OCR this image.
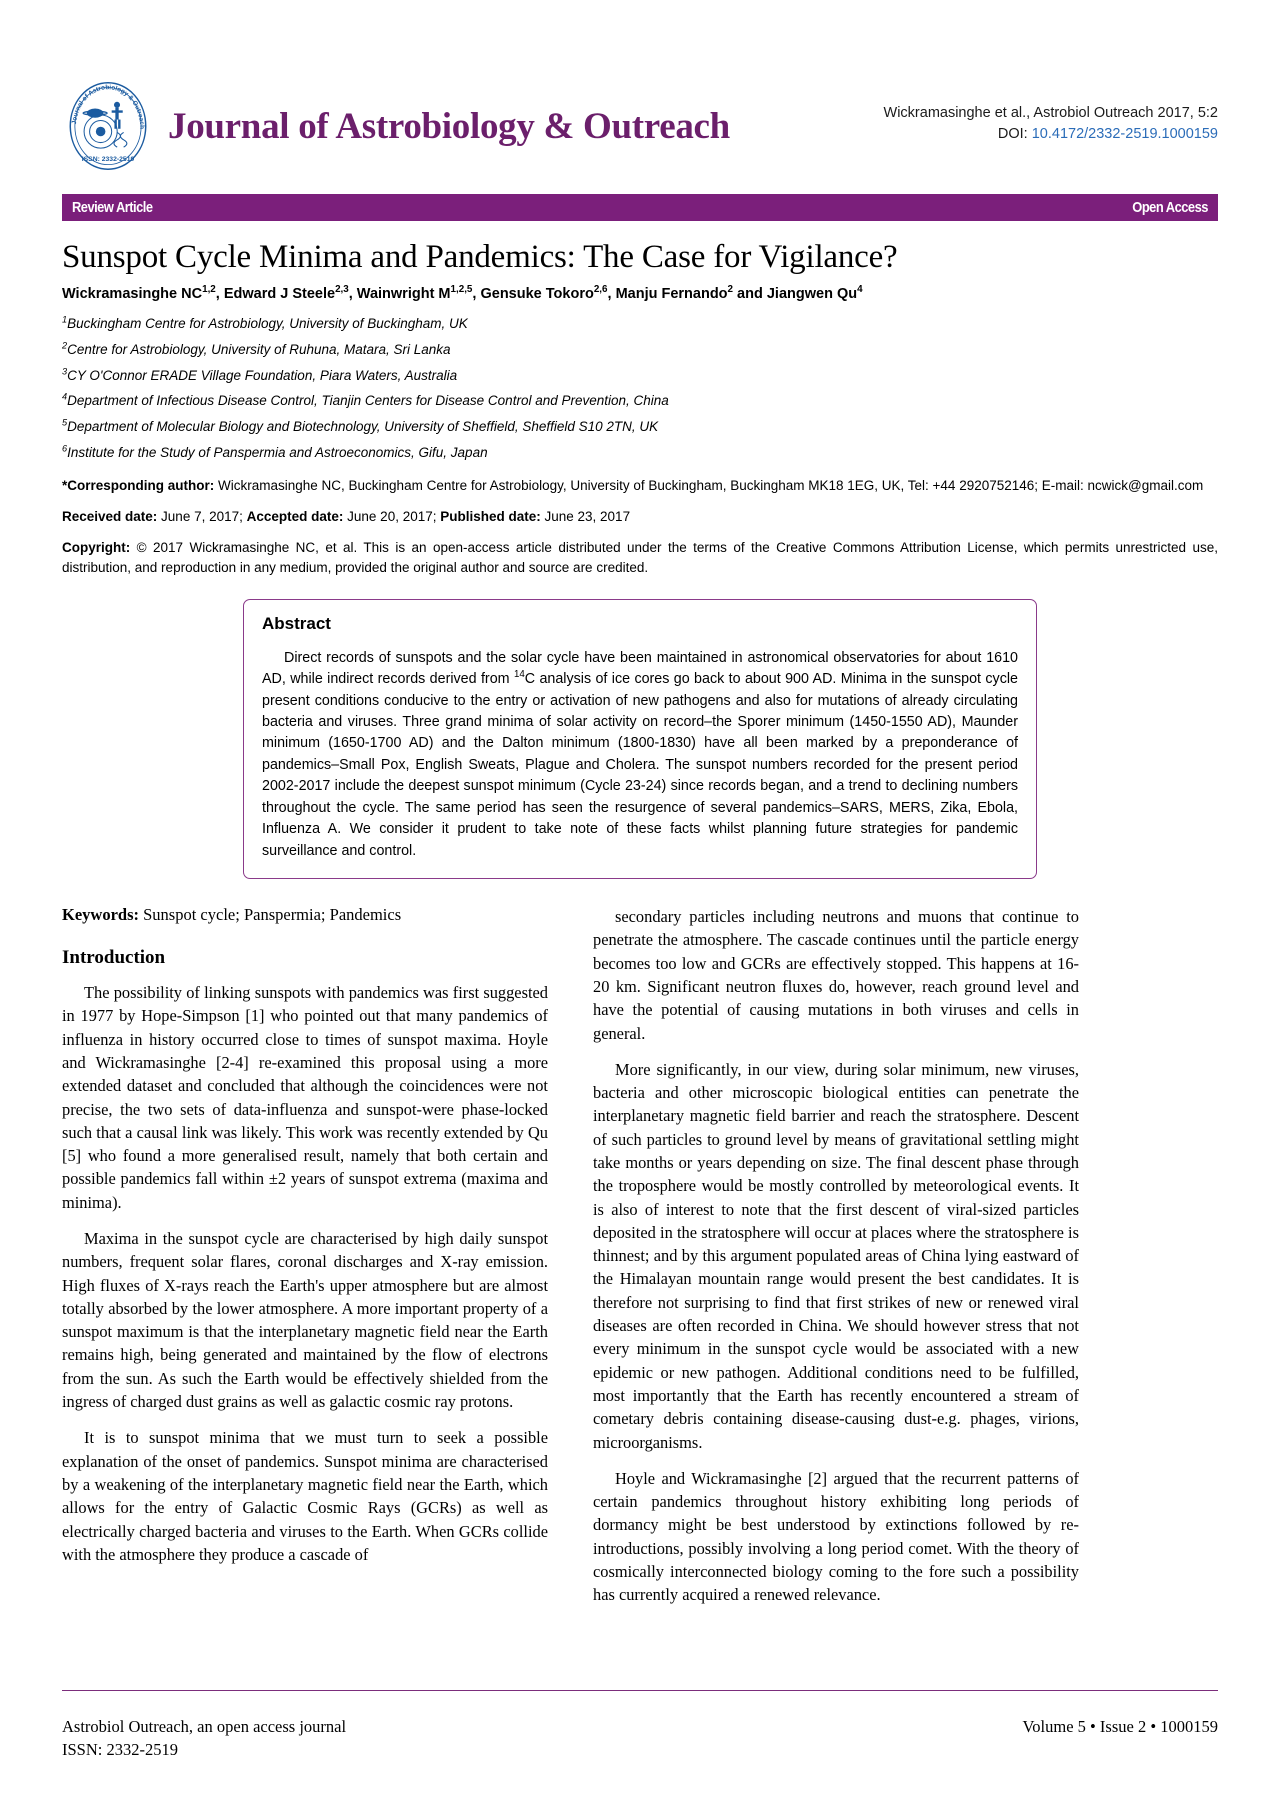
ISSN: 2332-2519
Journal of Astrobiology & Outreach Journal of Astrobiology & Outreach	Wickramasinghe et al., Astrobiol Outreach 2017, 5:2
DOI: 10.4172/2332-2519.1000159
Review Article	Open Access
Sunspot Cycle Minima and Pandemics: The Case for Vigilance?
Wickramasinghe NC$^{1,2}$, Edward J Steele$^{2,3}$, Wainwright M$^{1,2,5}$, Gensuke Tokoro$^{2,6}$, Manju Fernando$^2$ and Jiangwen Qu$^4$

$^1$Buckingham Centre for Astrobiology, University of Buckingham, UK

$^2$Centre for Astrobiology, University of Ruhuna, Matara, Sri Lanka

$^3$CY O'Connor ERADE Village Foundation, Piara Waters, Australia

$^4$Department of Infectious Disease Control, Tianjin Centers for Disease Control and Prevention, China

$^5$Department of Molecular Biology and Biotechnology, University of Sheffield, Sheffield S10 2TN, UK

$^6$Institute for the Study of Panspermia and Astroeconomics, Gifu, Japan

*Corresponding author: Wickramasinghe NC, Buckingham Centre for Astrobiology, University of Buckingham, Buckingham MK18 1EG, UK, Tel: +44 2920752146; E-mail: ncwick@gmail.com

Received date: June 7, 2017; Accepted date: June 20, 2017; Published date: June 23, 2017

Copyright: © 2017 Wickramasinghe NC, et al. This is an open-access article distributed under the terms of the Creative Commons Attribution License, which permits unrestricted use, distribution, and reproduction in any medium, provided the original author and source are credited.

Abstract

Direct records of sunspots and the solar cycle have been maintained in astronomical observatories for about 1610 AD, while indirect records derived from $^{14}$C analysis of ice cores go back to about 900 AD. Minima in the sunspot cycle present conditions conducive to the entry or activation of new pathogens and also for mutations of already circulating bacteria and viruses. Three grand minima of solar activity on record–the Sporer minimum (1450-1550 AD), Maunder minimum (1650-1700 AD) and the Dalton minimum (1800-1830) have all been marked by a preponderance of pandemics–Small Pox, English Sweats, Plague and Cholera. The sunspot numbers recorded for the present period 2002-2017 include the deepest sunspot minimum (Cycle 23-24) since records began, and a trend to declining numbers throughout the cycle. The same period has seen the resurgence of several pandemics–SARS, MERS, Zika, Ebola, Influenza A. We consider it prudent to take note of these facts whilst planning future strategies for pandemic surveillance and control.

Keywords: Sunspot cycle; Panspermia; Pandemics

Introduction

The possibility of linking sunspots with pandemics was first suggested in 1977 by Hope-Simpson [1] who pointed out that many pandemics of influenza in history occurred close to times of sunspot maxima. Hoyle and Wickramasinghe [2-4] re-examined this proposal using a more extended dataset and concluded that although the coincidences were not precise, the two sets of data-influenza and sunspot-were phase-locked such that a causal link was likely. This work was recently extended by Qu [5] who found a more generalised result, namely that both certain and possible pandemics fall within ±2 years of sunspot extrema (maxima and minima).

Maxima in the sunspot cycle are characterised by high daily sunspot numbers, frequent solar flares, coronal discharges and X-ray emission. High fluxes of X-rays reach the Earth's upper atmosphere but are almost totally absorbed by the lower atmosphere. A more important property of a sunspot maximum is that the interplanetary magnetic field near the Earth remains high, being generated and maintained by the flow of electrons from the sun. As such the Earth would be effectively shielded from the ingress of charged dust grains as well as galactic cosmic ray protons.

It is to sunspot minima that we must turn to seek a possible explanation of the onset of pandemics. Sunspot minima are characterised by a weakening of the interplanetary magnetic field near the Earth, which allows for the entry of Galactic Cosmic Rays (GCRs) as well as electrically charged bacteria and viruses to the Earth. When GCRs collide with the atmosphere they produce a cascade of

secondary particles including neutrons and muons that continue to penetrate the atmosphere. The cascade continues until the particle energy becomes too low and GCRs are effectively stopped. This happens at 16-20 km. Significant neutron fluxes do, however, reach ground level and have the potential of causing mutations in both viruses and cells in general.

More significantly, in our view, during solar minimum, new viruses, bacteria and other microscopic biological entities can penetrate the interplanetary magnetic field barrier and reach the stratosphere. Descent of such particles to ground level by means of gravitational settling might take months or years depending on size. The final descent phase through the troposphere would be mostly controlled by meteorological events. It is also of interest to note that the first descent of viral-sized particles deposited in the stratosphere will occur at places where the stratosphere is thinnest; and by this argument populated areas of China lying eastward of the Himalayan mountain range would present the best candidates. It is therefore not surprising to find that first strikes of new or renewed viral diseases are often recorded in China. We should however stress that not every minimum in the sunspot cycle would be associated with a new epidemic or new pathogen. Additional conditions need to be fulfilled, most importantly that the Earth has recently encountered a stream of cometary debris containing disease-causing dust-e.g. phages, virions, microorganisms.

Hoyle and Wickramasinghe [2] argued that the recurrent patterns of certain pandemics throughout history exhibiting long periods of dormancy might be best understood by extinctions followed by re-introductions, possibly involving a long period comet. With the theory of cosmically interconnected biology coming to the fore such a possibility has currently acquired a renewed relevance.

Astrobiol Outreach, an open access journal
ISSN: 2332-2519
Volume 5 • Issue 2 • 1000159
